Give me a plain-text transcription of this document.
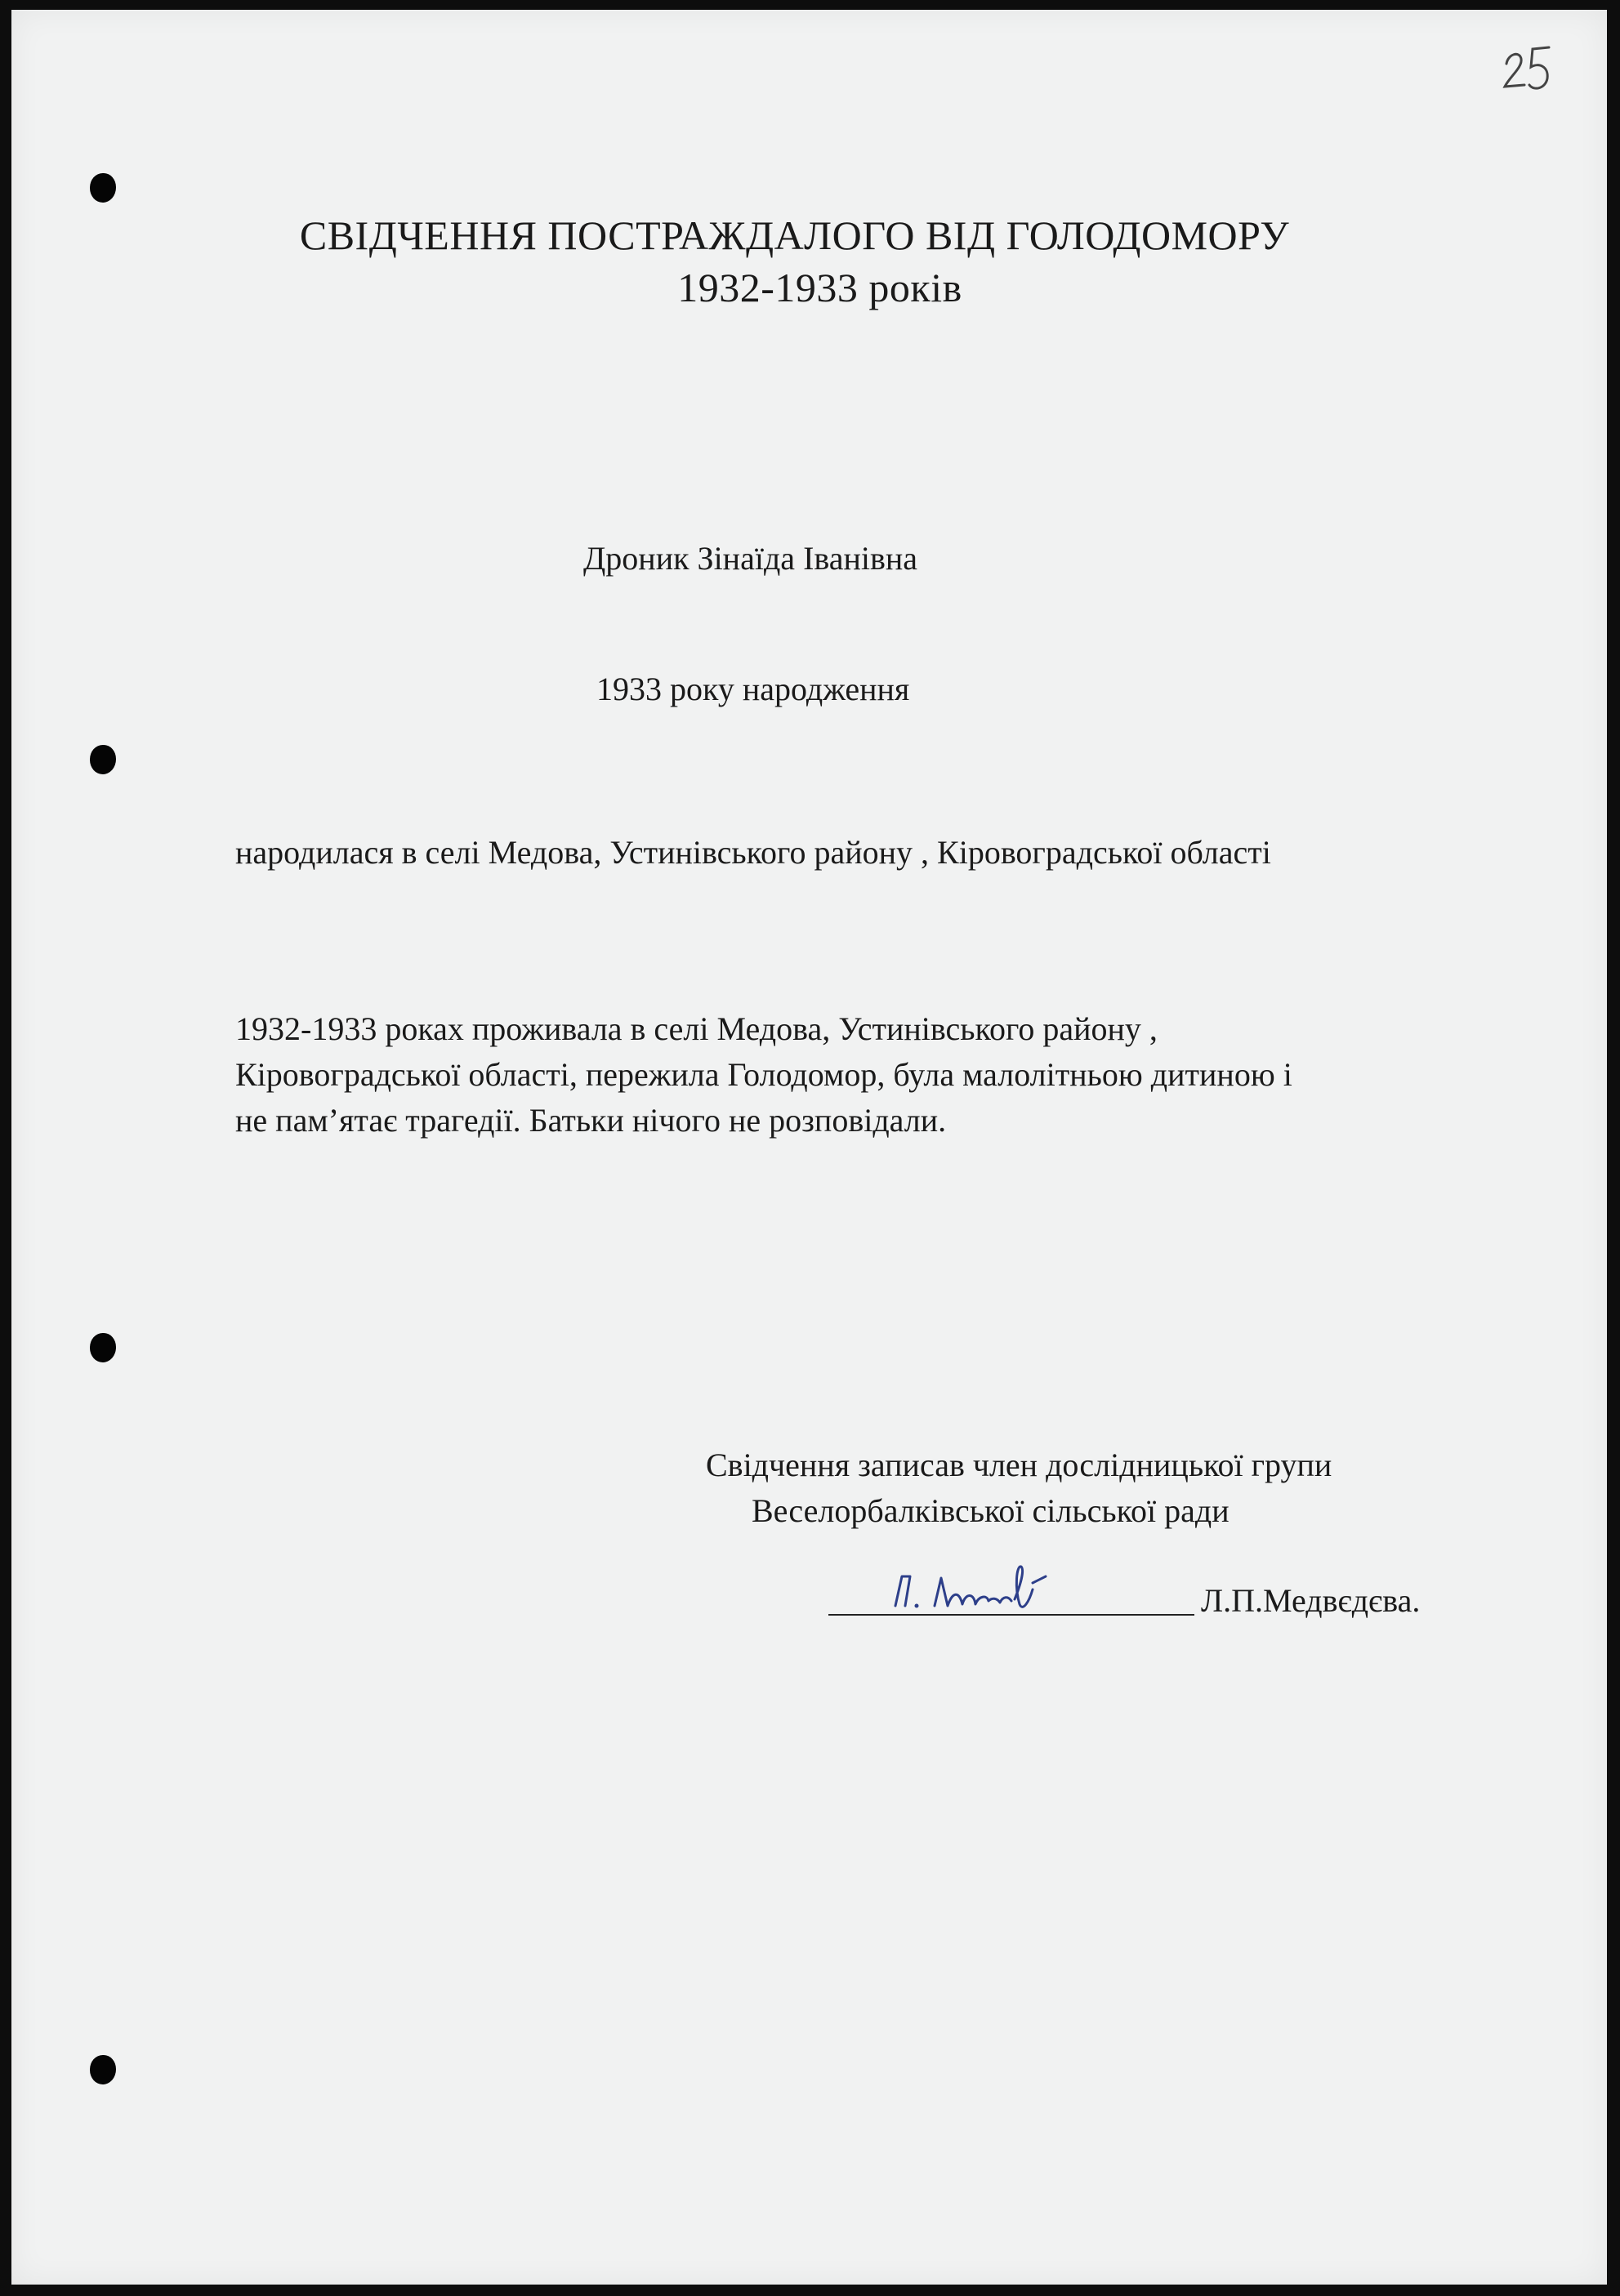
СВІДЧЕННЯ ПОСТРАЖДАЛОГО ВІД ГОЛОДОМОРУ
1932-1933 років

Дроник Зінаїда Іванівна

1933 року народження

народилася в селі Медова, Устинівського району , Кіровоградської області

1932-1933 роках проживала в селі Медова, Устинівського району ,
Кіровоградської області, пережила Голодомор, була малолітньою дитиною і
не пам’ятає трагедії. Батьки нічого не розповідали.

Свідчення записав член дослідницької групи

Веселорбалківської сільської ради

Л.П.Медвєдєва.
